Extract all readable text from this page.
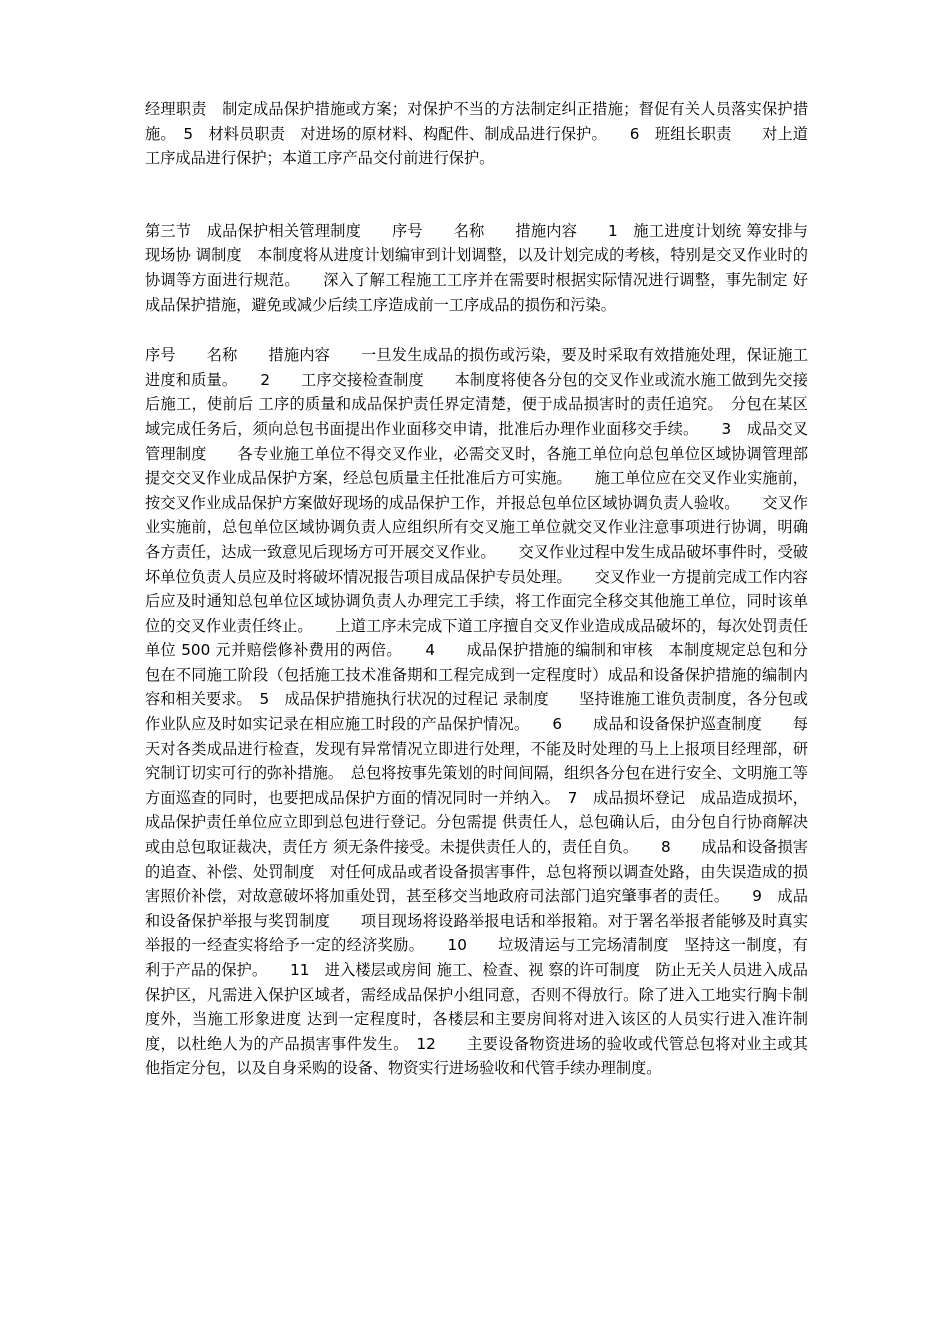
经理职责　制定成品保护措施或方案；对保护不当的方法制定纠正措施；督促有关人员落实保护措施。　5　材料员职责　对进场的原材料、构配件、制成品进行保护。　　6　班组长职责　　对上道工序成品进行保护；本道工序产品交付前进行保护。

第三节　成品保护相关管理制度　　序号　　名称　　措施内容　　1　施工进度计划统 筹安排与现场协 调制度　本制度将从进度计划编审到计划调整，以及计划完成的考核，特别是交叉作业时的协调等方面进行规范。　　深入了解工程施工工序并在需要时根据实际情况进行调整，事先制定 好成品保护措施，避免或减少后续工序造成前一工序成品的损伤和污染。

序号　　名称　　措施内容　　一旦发生成品的损伤或污染，要及时采取有效措施处理，保证施工进度和质量。　　2　　工序交接检查制度　　本制度将使各分包的交叉作业或流水施工做到先交接后施工，使前后 工序的质量和成品保护责任界定清楚，便于成品损害时的责任追究。　分包在某区域完成任务后，须向总包书面提出作业面移交申请，批准后办理作业面移交手续。　　3　成品交叉管理制度　　各专业施工单位不得交叉作业，必需交叉时，各施工单位向总包单位区域协调管理部提交交叉作业成品保护方案，经总包质量主任批准后方可实施。　　施工单位应在交叉作业实施前，按交叉作业成品保护方案做好现场的成品保护工作，并报总包单位区域协调负责人验收。　　交叉作业实施前，总包单位区域协调负责人应组织所有交叉施工单位就交叉作业注意事项进行协调，明确各方责任，达成一致意见后现场方可开展交叉作业。　　交叉作业过程中发生成品破坏事件时，受破坏单位负责人员应及时将破坏情况报告项目成品保护专员处理。　　交叉作业一方提前完成工作内容后应及时通知总包单位区域协调负责人办理完工手续，将工作面完全移交其他施工单位，同时该单位的交叉作业责任终止。　　上道工序未完成下道工序擅自交叉作业造成成品破坏的，每次处罚责任单位 500 元并赔偿修补费用的两倍。　　4　　成品保护措施的编制和审核　本制度规定总包和分包在不同施工阶段（包括施工技术准备期和工程完成到一定程度时）成品和设备保护措施的编制内容和相关要求。　5　成品保护措施执行状况的过程记 录制度　　坚持谁施工谁负责制度，各分包或作业队应及时如实记录在相应施工时段的产品保护情况。　　6　　成品和设备保护巡查制度　　每天对各类成品进行检查，发现有异常情况立即进行处理，不能及时处理的马上上报项目经理部，研究制订切实可行的弥补措施。　总包将按事先策划的时间间隔，组织各分包在进行安全、文明施工等方面巡查的同时，也要把成品保护方面的情况同时一并纳入。　7　成品损坏登记　成品造成损坏，成品保护责任单位应立即到总包进行登记。分包需提 供责任人，总包确认后，由分包自行协商解决或由总包取证裁决，责任方 须无条件接受。未提供责任人的，责任自负。　　8　　成品和设备损害的追查、补偿、处罚制度　对任何成品或者设备损害事件，总包将预以调查处路，由失误造成的损害照价补偿，对故意破坏将加重处罚，甚至移交当地政府司法部门追究肇事者的责任。　　9　成品和设备保护举报与奖罚制度　　项目现场将设路举报电话和举报箱。对于署名举报者能够及时真实举报的一经查实将给予一定的经济奖励。　　10　　垃圾清运与工完场清制度　坚持这一制度，有利于产品的保护。　　11　进入楼层或房间 施工、检查、视 察的许可制度　防止无关人员进入成品保护区，凡需进入保护区域者，需经成品保护小组同意，否则不得放行。除了进入工地实行胸卡制度外，当施工形象进度 达到一定程度时，各楼层和主要房间将对进入该区的人员实行进入准许制 度，以杜绝人为的产品损害事件发生。　12　　主要设备物资进场的验收或代管总包将对业主或其他指定分包，以及自身采购的设备、物资实行进场验收和代管手续办理制度。
